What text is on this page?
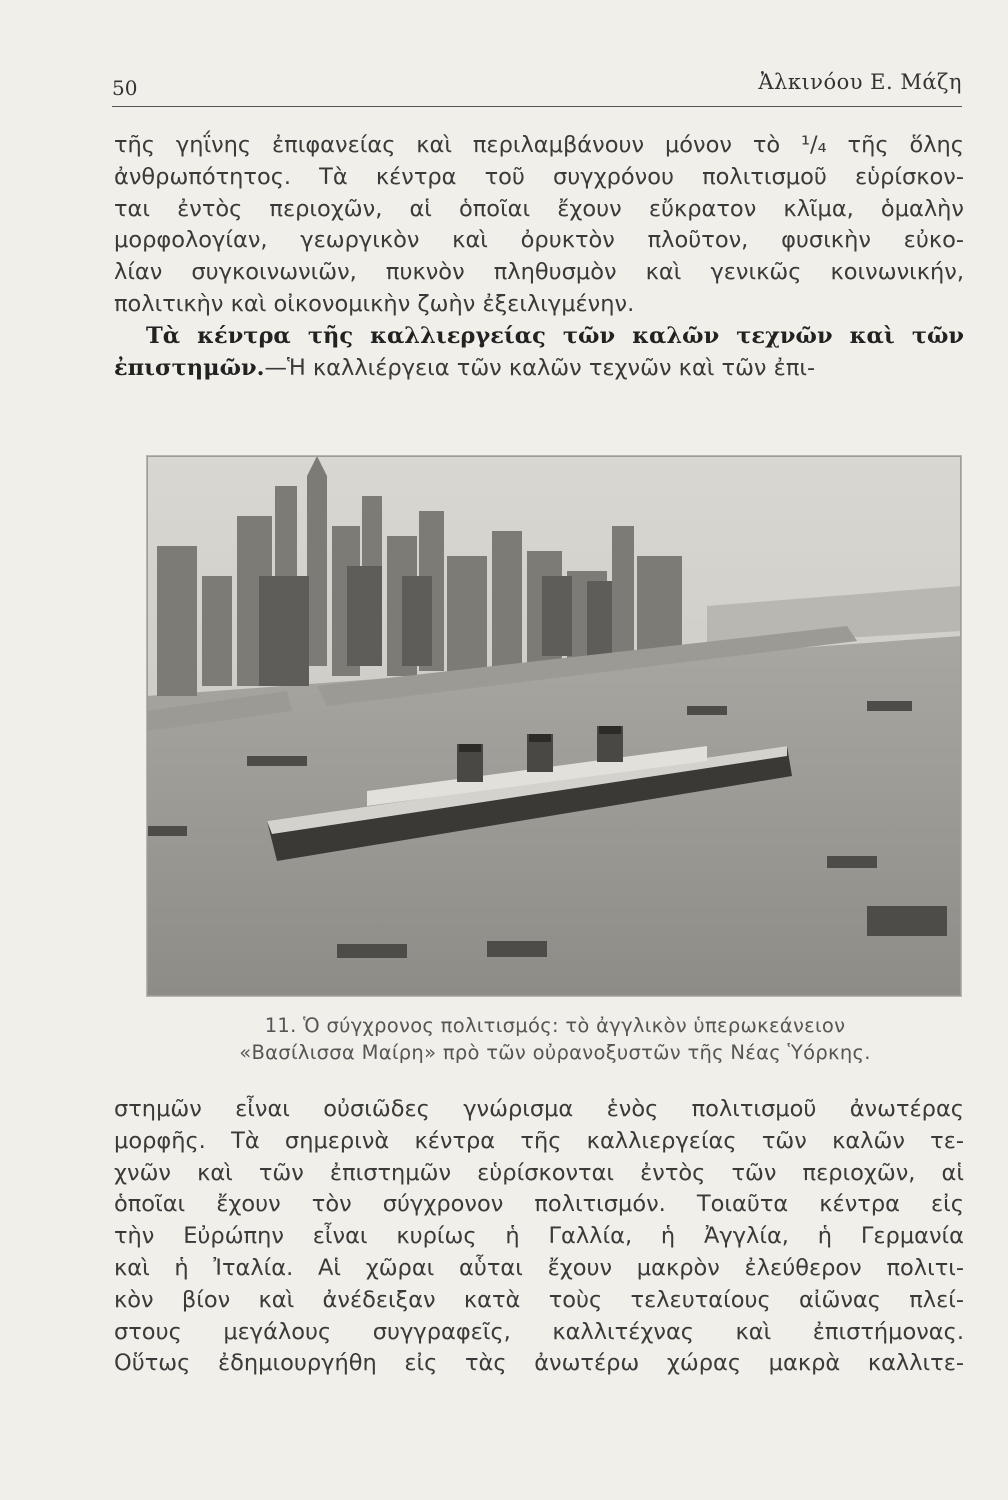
50	Ἀλκινόου Ε. Μάζη
τῆς γηΐνης ἐπιφανείας καὶ περιλαμβάνουν μόνον τὸ ¹/₄ τῆς ὅλης
ἀνθρωπότητος. Τὰ κέντρα τοῦ συγχρόνου πολιτισμοῦ εὑρίσκον-
ται ἐντὸς περιοχῶν, αἱ ὁποῖαι ἔχουν εὔκρατον κλῖμα, ὁμαλὴν
μορφολογίαν, γεωργικὸν καὶ ὀρυκτὸν πλοῦτον, φυσικὴν εὐκο-
λίαν συγκοινωνιῶν, πυκνὸν πληθυσμὸν καὶ γενικῶς κοινωνικήν,
πολιτικὴν καὶ οἰκονομικὴν ζωὴν ἐξειλιγμένην.
Τὰ κέντρα τῆς καλλιεργείας τῶν καλῶν τεχνῶν καὶ τῶν
ἐπιστημῶν.—Ἡ καλλιέργεια τῶν καλῶν τεχνῶν καὶ τῶν ἐπι-
11. Ὁ σύγχρονος πολιτισμός: τὸ ἀγγλικὸν ὑπερωκεάνειον
«Βασίλισσα Μαίρη» πρὸ τῶν οὐρανοξυστῶν τῆς Νέας Ὑόρκης.
στημῶν εἶναι οὐσιῶδες γνώρισμα ἑνὸς πολιτισμοῦ ἀνωτέρας
μορφῆς. Τὰ σημερινὰ κέντρα τῆς καλλιεργείας τῶν καλῶν τε-
χνῶν καὶ τῶν ἐπιστημῶν εὑρίσκονται ἐντὸς τῶν περιοχῶν, αἱ
ὁποῖαι ἔχουν τὸν σύγχρονον πολιτισμόν. Τοιαῦτα κέντρα εἰς
τὴν Εὐρώπην εἶναι κυρίως ἡ Γαλλία, ἡ Ἀγγλία, ἡ Γερμανία
καὶ ἡ Ἰταλία. Αἱ χῶραι αὗται ἔχουν μακρὸν ἐλεύθερον πολιτι-
κὸν βίον καὶ ἀνέδειξαν κατὰ τοὺς τελευταίους αἰῶνας πλεί-
στους μεγάλους συγγραφεῖς, καλλιτέχνας καὶ ἐπιστήμονας.
Οὕτως ἐδημιουργήθη εἰς τὰς ἀνωτέρω χώρας μακρὰ καλλιτε-
